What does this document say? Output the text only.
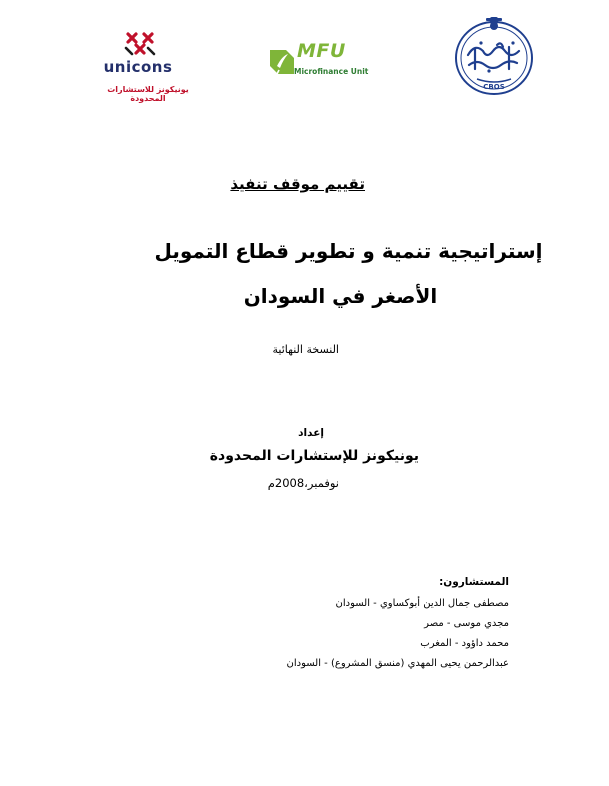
unicons
يونيكونز للاستشارات المحدودة
MFU
Microfinance Unit
CBOS
تقييم موقف تنفيذ
إستراتيجية تنمية و تطوير قطاع التمويل
الأصغر في السودان
النسخة النهائية
إعداد
يونيكونز للإستشارات المحدودة
نوفمبر،2008م
المستشارون:
مصطفى جمال الدين أبوكساوي - السودان
مجدي موسى - مصر
محمد داؤود - المغرب
عبدالرحمن يحيى المهدي (منسق المشروع) - السودان
